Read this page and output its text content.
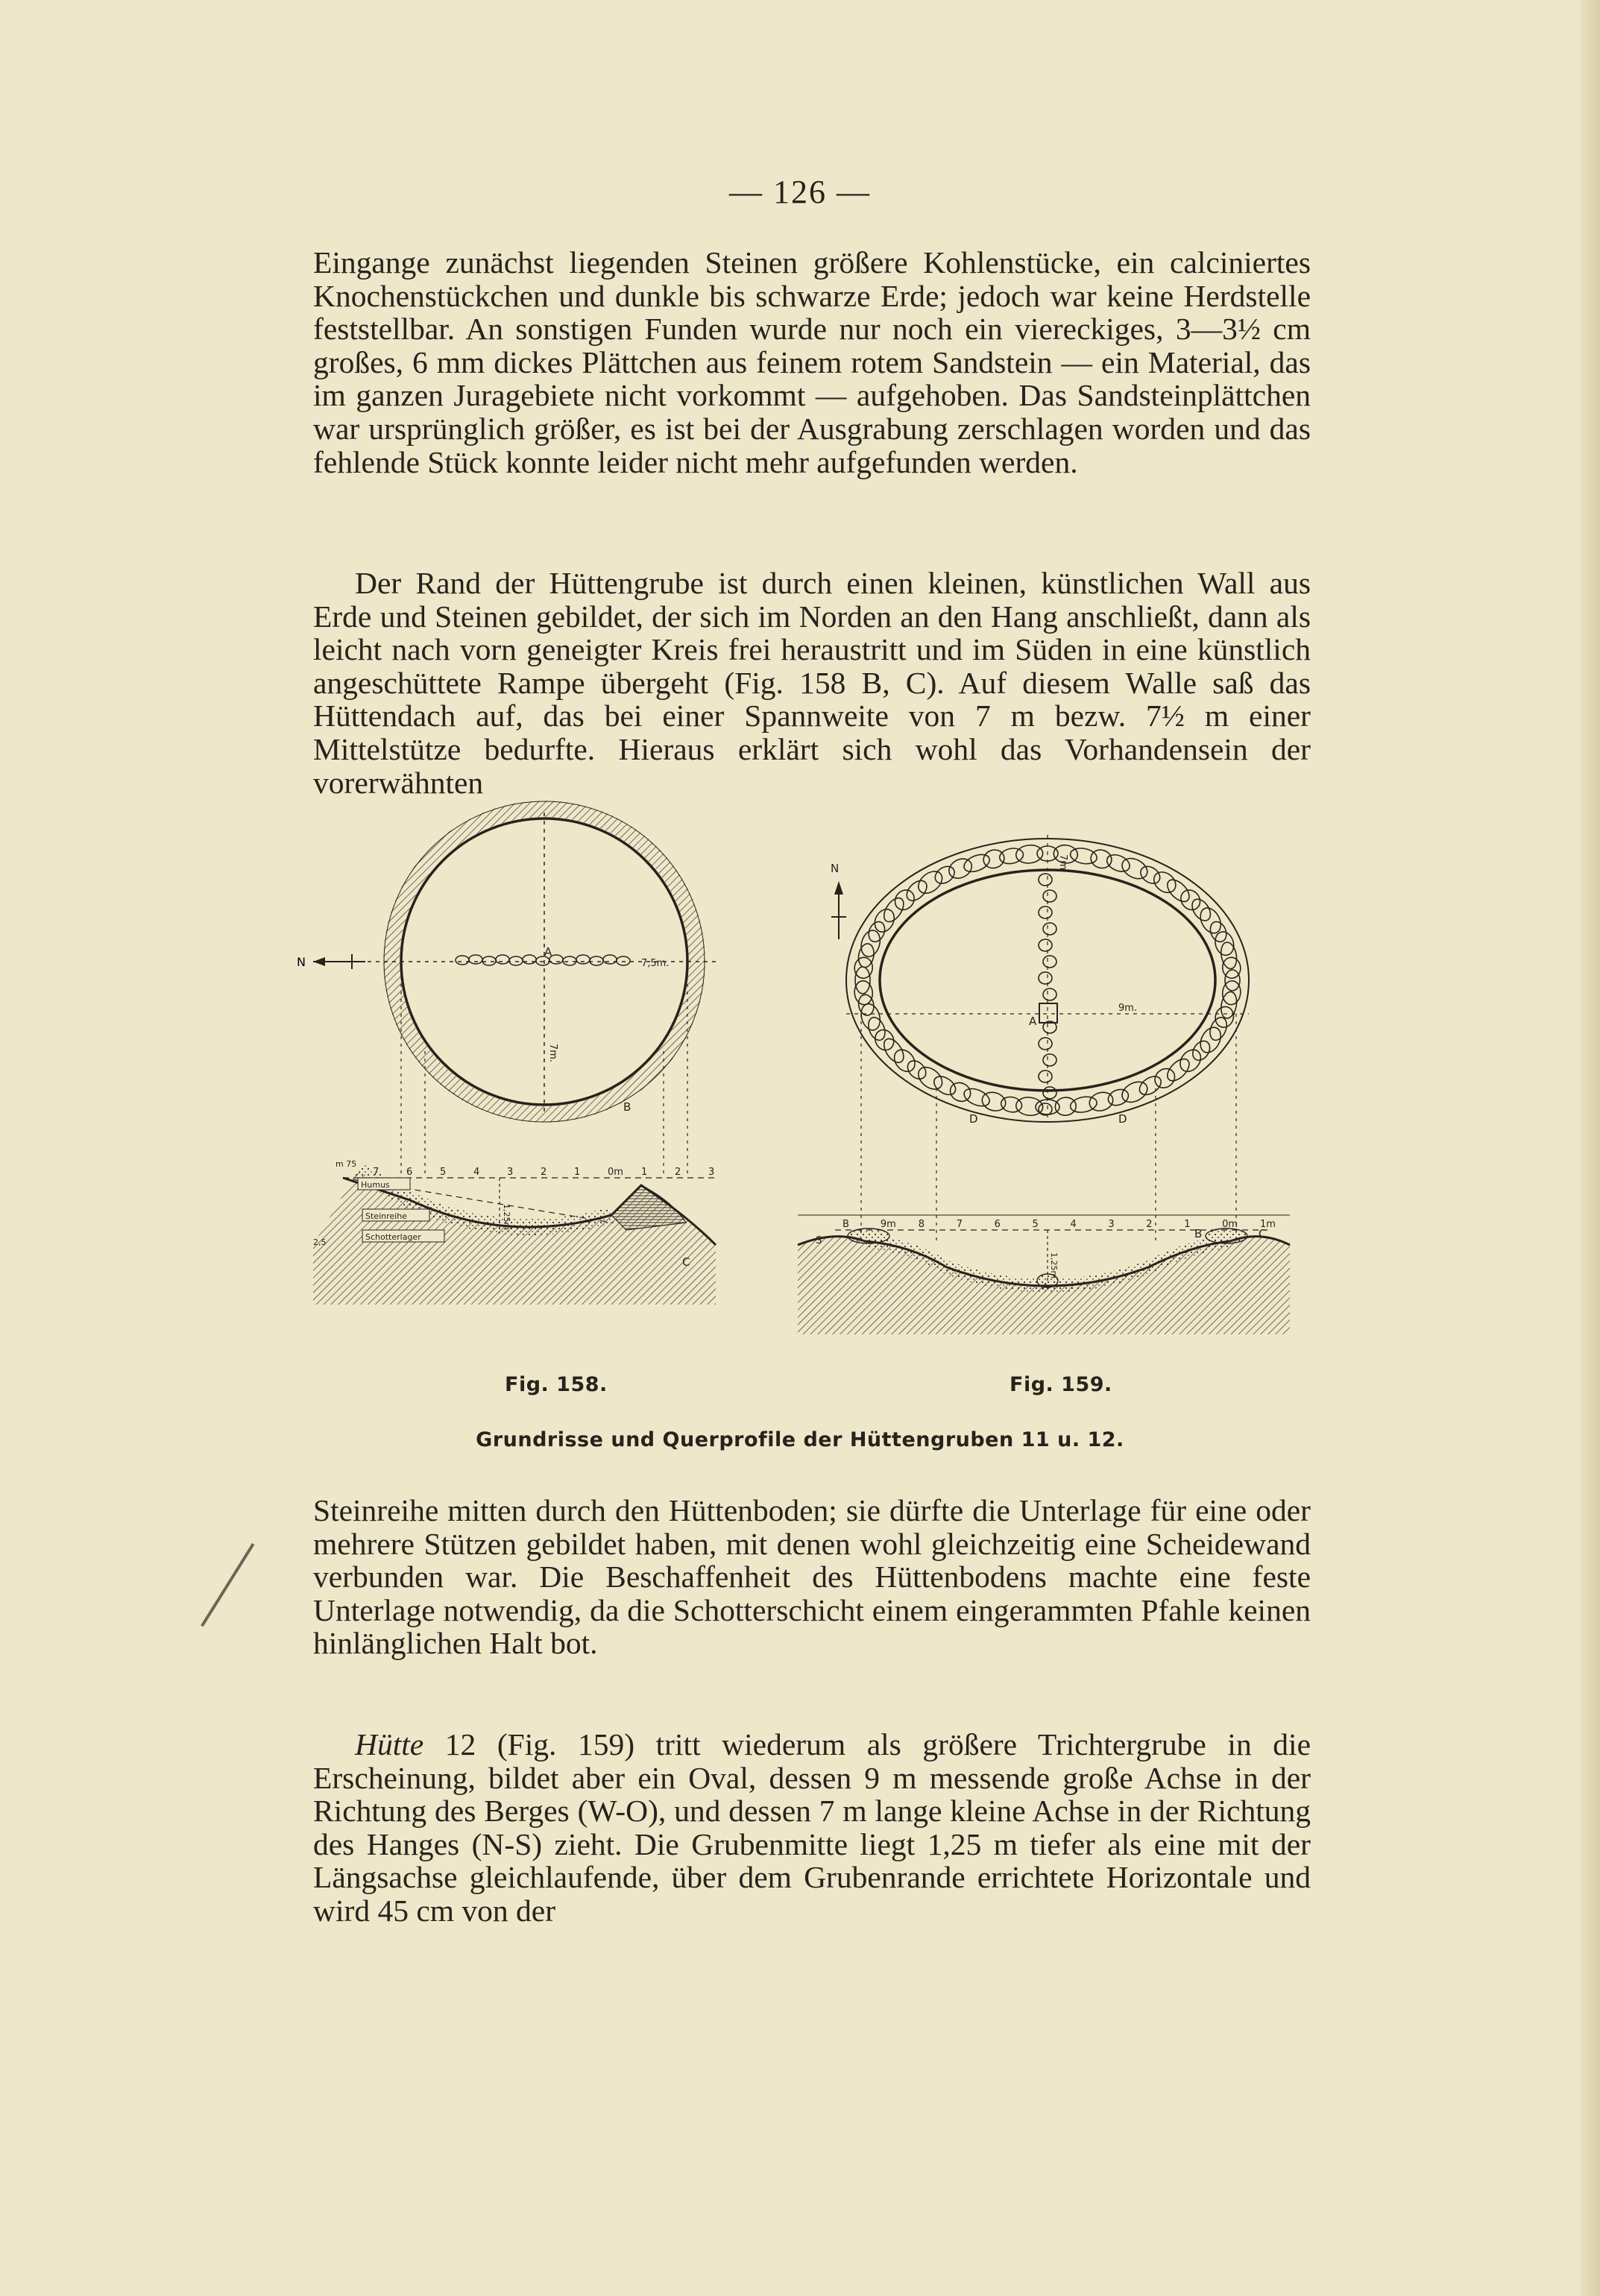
— 126 —

Eingange zunächst liegenden Steinen größere Kohlenstücke, ein calciniertes Knochenstückchen und dunkle bis schwarze Erde; jedoch war keine Herdstelle feststellbar. An sonstigen Funden wurde nur noch ein viereckiges, 3—3½ cm großes, 6 mm dickes Plättchen aus feinem rotem Sandstein — ein Material, das im ganzen Juragebiete nicht vorkommt — aufgehoben. Das Sandsteinplättchen war ursprünglich größer, es ist bei der Ausgrabung zerschlagen worden und das fehlende Stück konnte leider nicht mehr aufgefunden werden.

Der Rand der Hüttengrube ist durch einen kleinen, künstlichen Wall aus Erde und Steinen gebildet, der sich im Norden an den Hang anschließt, dann als leicht nach vorn geneigter Kreis frei heraustritt und im Süden in eine künstlich angeschüttete Rampe übergeht (Fig. 158 B, C). Auf diesem Walle saß das Hüttendach auf, das bei einer Spannweite von 7 m bezw. 7½ m einer Mittelstütze bedurfte. Hieraus erklärt sich wohl das Vorhandensein der vorerwähnten

N
N
A
B
C
A
D	D
B	C
7m.
7,5m.
9m.
7m
Humus
Steinreihe
Schotterlager
m 75
2,5
1,25m
1,25m
S
A
7	6	5	4	3	2	1	0m 1	2	3
B	9m 8	7	6	5	4	3	2	1	0m 1m
Fig. 158.	Fig. 159.
Grundrisse und Querprofile der Hüttengruben 11 u. 12.

Steinreihe mitten durch den Hüttenboden; sie dürfte die Unterlage für eine oder mehrere Stützen gebildet haben, mit denen wohl gleichzeitig eine Scheidewand verbunden war. Die Beschaffenheit des Hüttenbodens machte eine feste Unterlage notwendig, da die Schotterschicht einem eingerammten Pfahle keinen hinlänglichen Halt bot.

Hütte 12 (Fig. 159) tritt wiederum als größere Trichtergrube in die Erscheinung, bildet aber ein Oval, dessen 9 m messende große Achse in der Richtung des Berges (W-O), und dessen 7 m lange kleine Achse in der Richtung des Hanges (N-S) zieht. Die Grubenmitte liegt 1,25 m tiefer als eine mit der Längsachse gleichlaufende, über dem Grubenrande errichtete Horizontale und wird 45 cm von der
